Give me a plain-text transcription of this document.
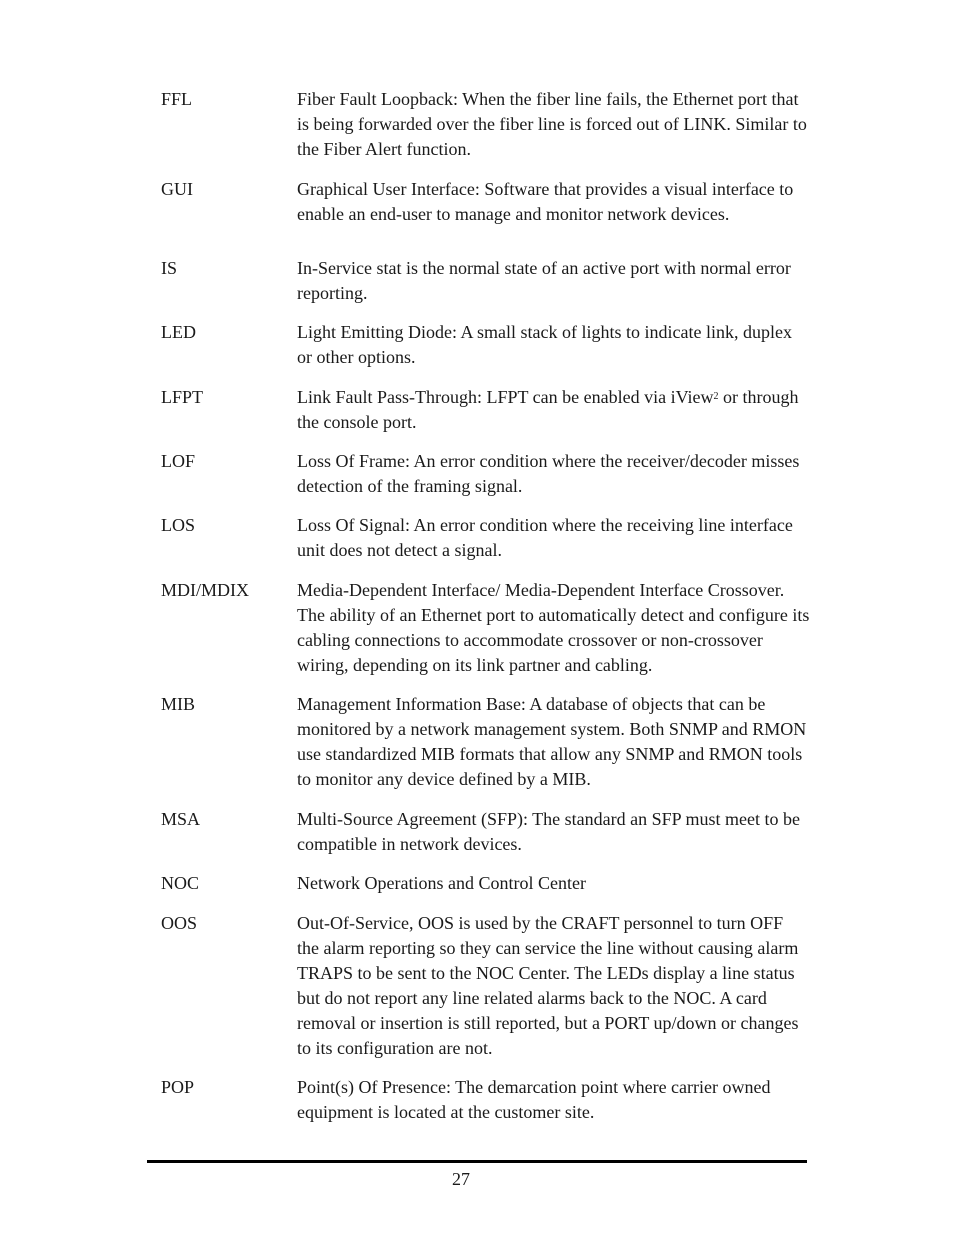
FFL	Fiber Fault Loopback: When the fiber line fails, the Ethernet port that is being forwarded over the fiber line is forced out of LINK. Similar to the Fiber Alert function.
GUI	Graphical User Interface: Software that provides a visual interface to enable an end-user to manage and monitor network devices.
IS	In-Service stat is the normal state of an active port with normal error reporting.
LED	Light Emitting Diode: A small stack of lights to indicate link, duplex or other options.
LFPT	Link Fault Pass-Through: LFPT can be enabled via iView$^2$ or through the console port.
LOF	Loss Of Frame: An error condition where the receiver/decoder misses detection of the framing signal.
LOS	Loss Of Signal: An error condition where the receiving line interface unit does not detect a signal.
MDI/MDIX	Media-Dependent Interface/ Media-Dependent Interface Crossover. The ability of an Ethernet port to automatically detect and configure its cabling connections to accommodate crossover or non-crossover wiring, depending on its link partner and cabling.
MIB	Management Information Base: A database of objects that can be monitored by a network management system. Both SNMP and RMON use standardized MIB formats that allow any SNMP and RMON tools to monitor any device defined by a MIB.
MSA	Multi-Source Agreement (SFP): The standard an SFP must meet to be compatible in network devices.
NOC	Network Operations and Control Center
OOS	Out-Of-Service, OOS is used by the CRAFT personnel to turn OFF the alarm reporting so they can service the line without causing alarm TRAPS to be sent to the NOC Center. The LEDs display a line status but do not report any line related alarms back to the NOC. A card removal or insertion is still reported, but a PORT up/down or changes to its configuration are not.
POP	Point(s) Of Presence: The demarcation point where carrier owned equipment is located at the customer site.
27
